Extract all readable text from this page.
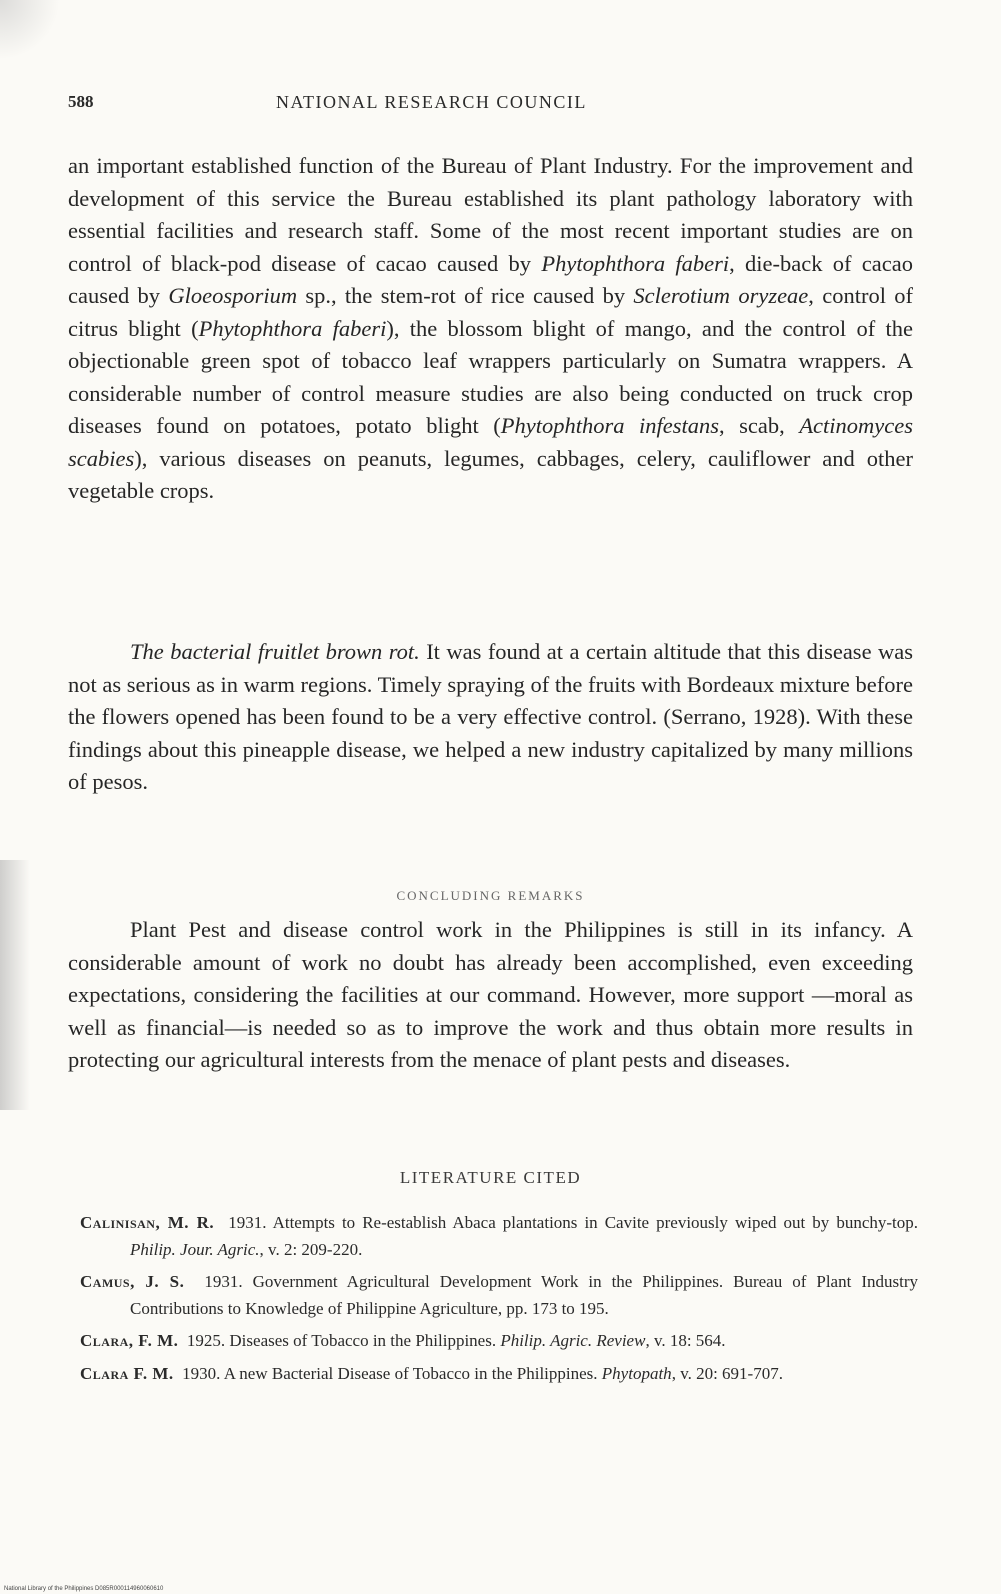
588	NATIONAL RESEARCH COUNCIL

an important established function of the Bureau of Plant Industry. For the improvement and development of this service the Bureau established its plant pathology laboratory with essential facilities and research staff. Some of the most recent important studies are on control of black-pod disease of cacao caused by Phytophthora faberi, die-back of cacao caused by Gloeosporium sp., the stem-rot of rice caused by Sclerotium oryzeae, control of citrus blight (Phytophthora faberi), the blossom blight of mango, and the control of the objectionable green spot of tobacco leaf wrappers particularly on Sumatra wrappers. A considerable number of control measure studies are also being conducted on truck crop diseases found on potatoes, potato blight (Phytophthora infestans, scab, Actinomyces scabies), various diseases on peanuts, legumes, cabbages, celery, cauliflower and other vegetable crops.

The bacterial fruitlet brown rot. It was found at a certain altitude that this disease was not as serious as in warm regions. Timely spraying of the fruits with Bordeaux mixture before the flowers opened has been found to be a very effective control. (Serrano, 1928). With these findings about this pineapple disease, we helped a new industry capitalized by many millions of pesos.

CONCLUDING REMARKS

Plant Pest and disease control work in the Philippines is still in its infancy. A considerable amount of work no doubt has already been accomplished, even exceeding expectations, considering the facilities at our command. However, more support —moral as well as financial—is needed so as to improve the work and thus obtain more results in protecting our agricultural interests from the menace of plant pests and diseases.

LITERATURE CITED

Calinisan, M. R. 1931. Attempts to Re-establish Abaca plantations in Cavite previously wiped out by bunchy-top. Philip. Jour. Agric., v. 2: 209-220.

Camus, J. S. 1931. Government Agricultural Development Work in the Philippines. Bureau of Plant Industry Contributions to Knowledge of Philippine Agriculture, pp. 173 to 195.

Clara, F. M. 1925. Diseases of Tobacco in the Philippines. Philip. Agric. Review, v. 18: 564.

Clara F. M. 1930. A new Bacterial Disease of Tobacco in the Philippines. Phytopath, v. 20: 691-707.

National Library of the Philippines D085R000114960060610
